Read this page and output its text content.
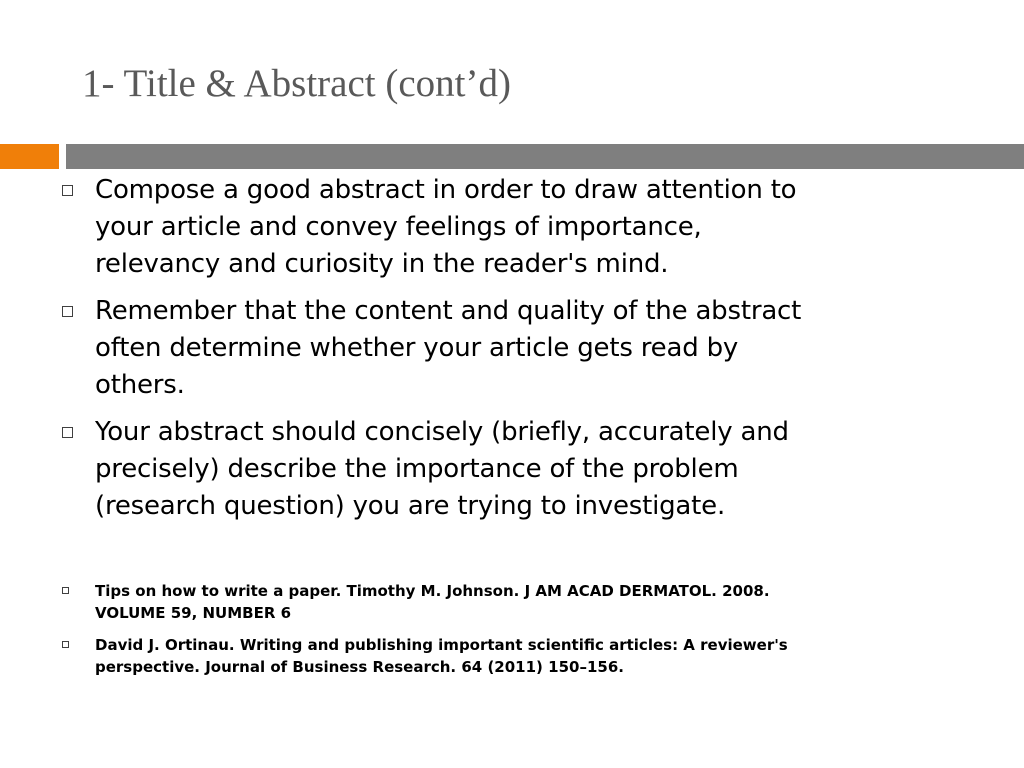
1- Title & Abstract (cont’d)
Compose a good abstract in order to draw attention to
your article and convey feelings of importance,
relevancy and curiosity in the reader's mind.
Remember that the content and quality of the abstract
often determine whether your article gets read by
others.
Your abstract should concisely (briefly, accurately and
precisely) describe the importance of the problem
(research question) you are trying to investigate.
Tips on how to write a paper. Timothy M. Johnson. J AM ACAD DERMATOL. 2008.
VOLUME 59, NUMBER 6
David J. Ortinau. Writing and publishing important scientific articles: A reviewer's
perspective. Journal of Business Research. 64 (2011) 150–156.
